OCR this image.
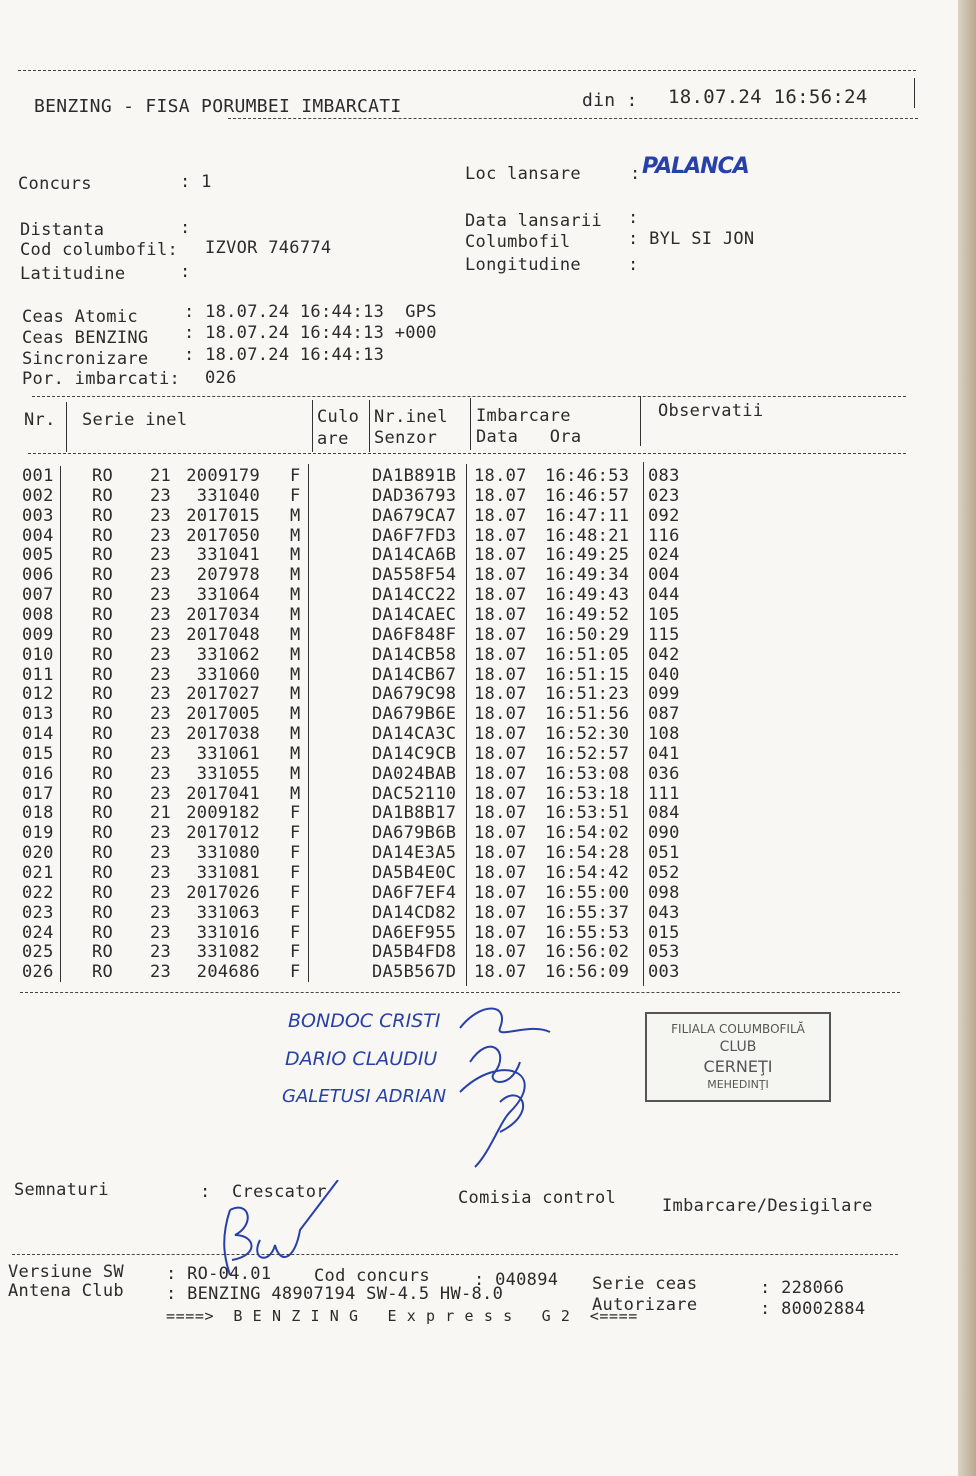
BENZING - FISA PORUMBEI IMBARCATI	din : 18.07.24 16:56:24
Concurs	: 1	Loc lansare	: PALANCA
Distanta	:
Cod columbofil: IZVOR 746774
Latitudine	:
Data lansarii :
Columbofil	: BYL SI JON
Longitudine	:
Ceas Atomic	: 18.07.24 16:44:13  GPS
Ceas BENZING : 18.07.24 16:44:13 +000
Sincronizare : 18.07.24 16:44:13
Por. imbarcati: 026
Nr. Serie inel	Culo
are
Nr.inel
Senzor
Imbarcare
Data   Ora
Observatii
001 RO 21 2009179 F	DA1B891B 18.07 16:46:53 083
002 RO 23	331040 F	DAD36793 18.07 16:46:57 023
003 RO 23 2017015 M	DA679CA7 18.07 16:47:11 092
004 RO 23 2017050 M	DA6F7FD3 18.07 16:48:21 116
005 RO 23	331041 M	DA14CA6B 18.07 16:49:25 024
006 RO 23	207978 M	DA558F54 18.07 16:49:34 004
007 RO 23	331064 M	DA14CC22 18.07 16:49:43 044
008 RO 23 2017034 M	DA14CAEC 18.07 16:49:52 105
009 RO 23 2017048 M	DA6F848F 18.07 16:50:29 115
010 RO 23	331062 M	DA14CB58 18.07 16:51:05 042
011 RO 23	331060 M	DA14CB67 18.07 16:51:15 040
012 RO 23 2017027 M	DA679C98 18.07 16:51:23 099
013 RO 23 2017005 M	DA679B6E 18.07 16:51:56 087
014 RO 23 2017038 M	DA14CA3C 18.07 16:52:30 108
015 RO 23	331061 M	DA14C9CB 18.07 16:52:57 041
016 RO 23	331055 M	DA024BAB 18.07 16:53:08 036
017 RO 23 2017041 M	DAC52110 18.07 16:53:18 111
018 RO 21 2009182 F	DA1B8B17 18.07 16:53:51 084
019 RO 23 2017012 F	DA679B6B 18.07 16:54:02 090
020 RO 23	331080 F	DA14E3A5 18.07 16:54:28 051
021 RO 23	331081 F	DA5B4E0C 18.07 16:54:42 052
022 RO 23 2017026 F	DA6F7EF4 18.07 16:55:00 098
023 RO 23	331063 F	DA14CD82 18.07 16:55:37 043
024 RO 23	331016 F	DA6EF955 18.07 16:55:53 015
025 RO 23	331082 F	DA5B4FD8 18.07 16:56:02 053
026 RO 23	204686 F	DA5B567D 18.07 16:56:09 003
BONDOC CRISTI
DARIO CLAUDIU
GALETUSI ADRIAN
FILIALA COLUMBOFILĂ
CLUB
CERNEŢI
MEHEDINŢI
Semnaturi	: Crescator	Comisia control	Imbarcare/Desigilare
Versiune SW : RO-04.01	Cod concurs	: 040894
Antena Club : BENZING 48907194 SW-4.5 HW-8.0	Serie ceas	: 228066
Autorizare	: 80002884
====>  B E N Z I N G   E x p r e s s   G 2  <====
